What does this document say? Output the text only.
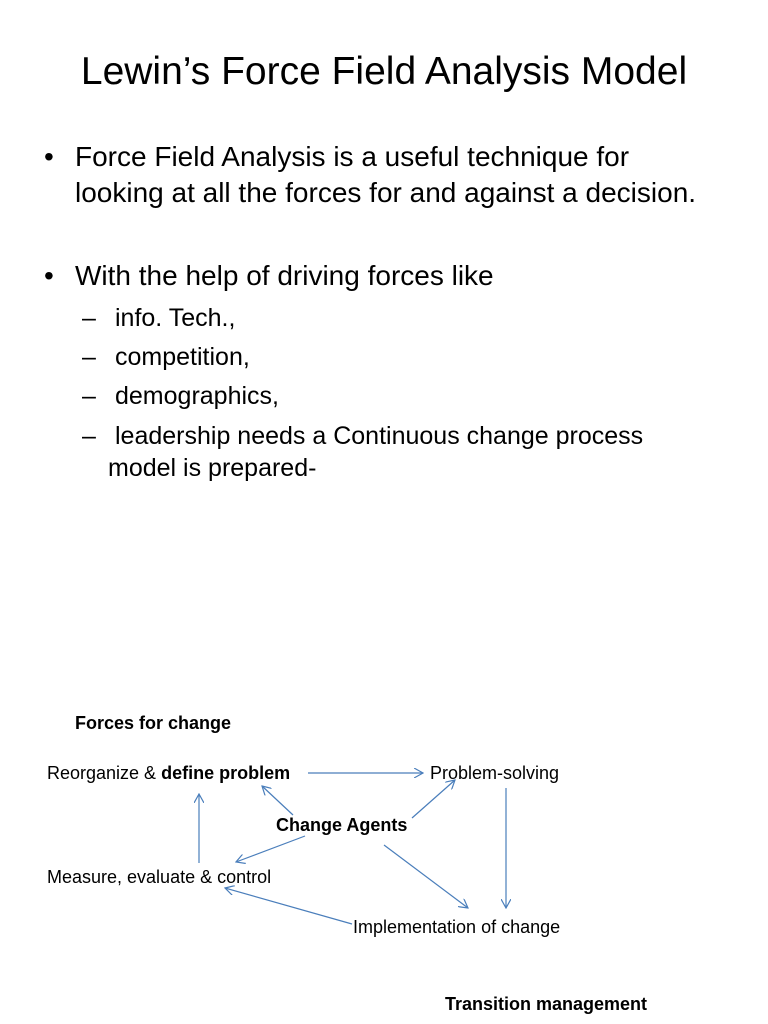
Lewin’s Force Field Analysis Model
• Force Field Analysis is a useful technique for looking at all the forces for and against a decision.
• With the help of driving forces like
– info. Tech.,
– competition,
– demographics,
– leadership needs a Continuous change process
model is prepared-
Forces for change
Reorganize & define problem	Problem-solving
Change Agents
Measure, evaluate & control
Implementation of change
Transition management
